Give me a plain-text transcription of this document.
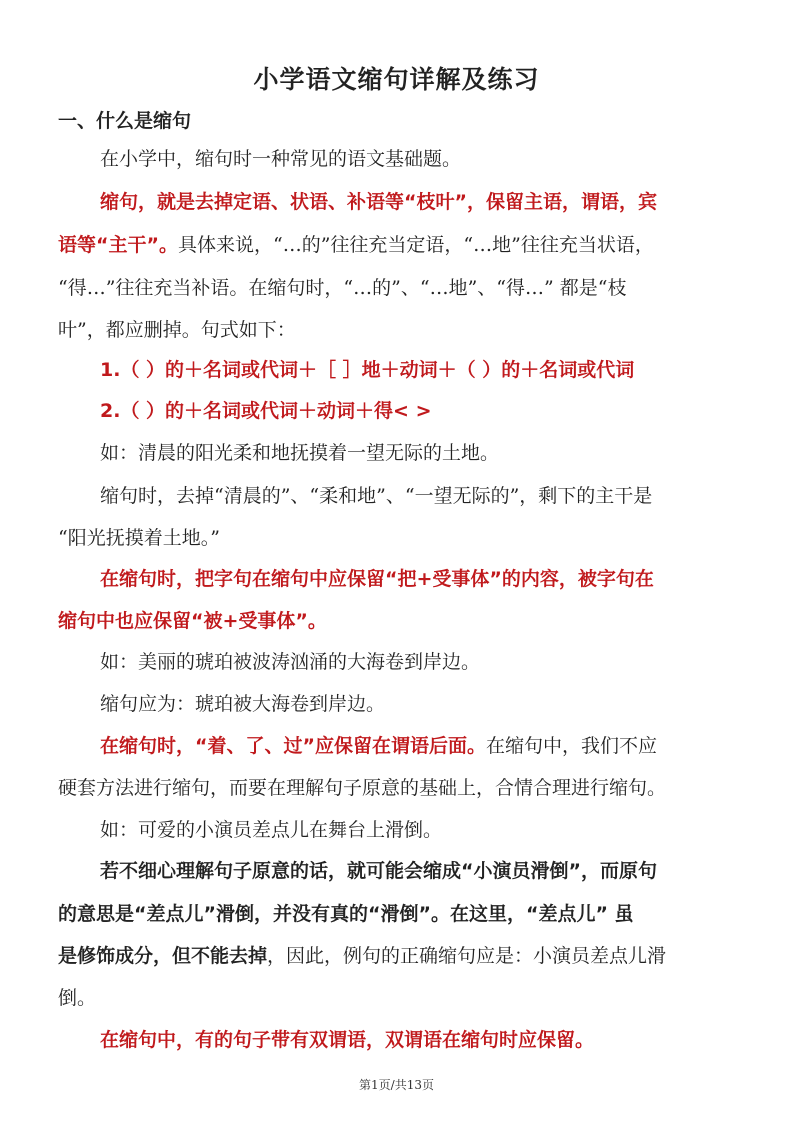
小学语文缩句详解及练习
一、什么是缩句
在小学中，缩句时一种常见的语文基础题。
缩句，就是去掉定语、状语、补语等“枝叶”，保留主语，谓语，宾
语等“主干”。具体来说，“…的”往往充当定语，“…地”往往充当状语，
“得…”往往充当补语。在缩句时，“…的”、“…地”、“得…” 都是“枝
叶”，都应删掉。句式如下：
1.（ ）的＋名词或代词＋［ ］地＋动词＋（ ）的＋名词或代词
2.（ ）的＋名词或代词＋动词＋得< >
如：清晨的阳光柔和地抚摸着一望无际的土地。
缩句时，去掉“清晨的”、“柔和地”、“一望无际的”，剩下的主干是
“阳光抚摸着土地。”
在缩句时，把字句在缩句中应保留“把+受事体”的内容，被字句在
缩句中也应保留“被+受事体”。
如：美丽的琥珀被波涛汹涌的大海卷到岸边。
缩句应为：琥珀被大海卷到岸边。
在缩句时，“着、了、过”应保留在谓语后面。在缩句中，我们不应
硬套方法进行缩句，而要在理解句子原意的基础上，合情合理进行缩句。
如：可爱的小演员差点儿在舞台上滑倒。
若不细心理解句子原意的话，就可能会缩成“小演员滑倒”，而原句
的意思是“差点儿”滑倒，并没有真的“滑倒”。在这里，“差点儿” 虽
是修饰成分，但不能去掉，因此，例句的正确缩句应是：小演员差点儿滑
倒。
在缩句中，有的句子带有双谓语，双谓语在缩句时应保留。
第1页/共13页
